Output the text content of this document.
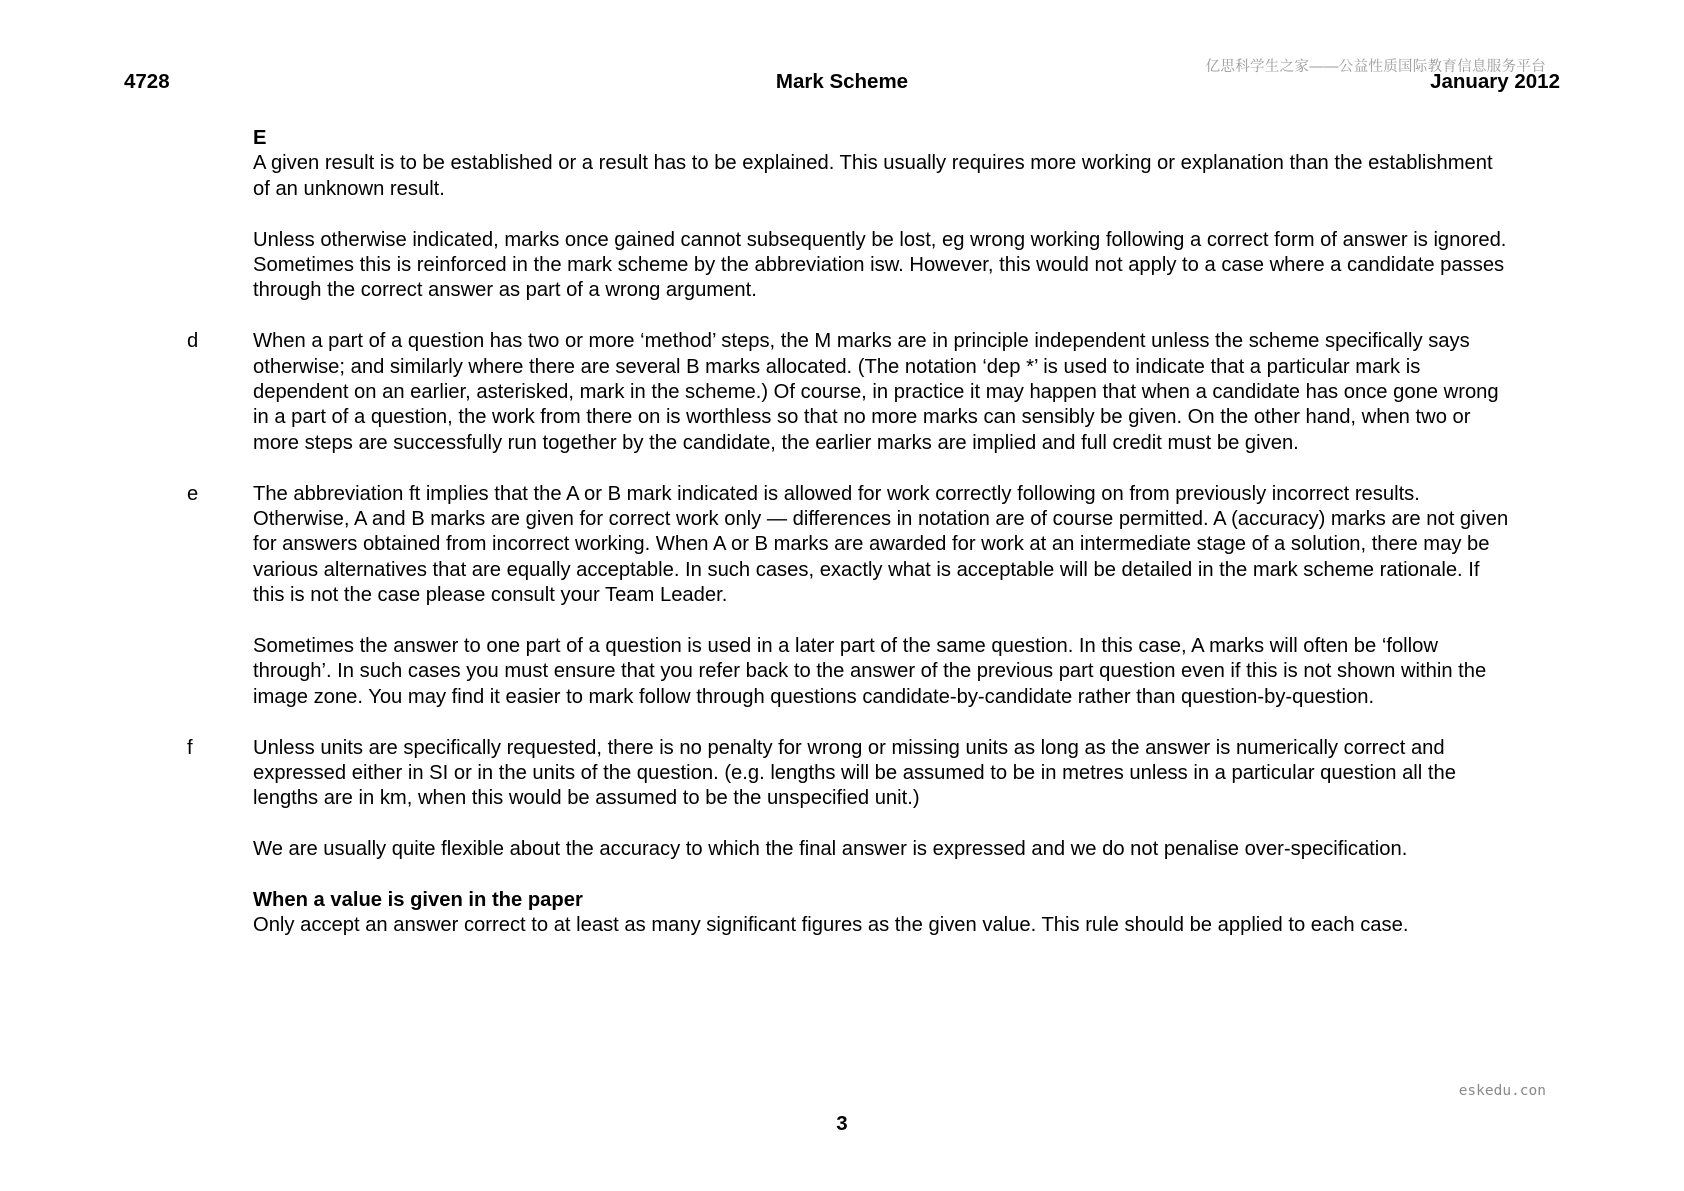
4728	Mark Scheme
亿思科学生之家——公益性质国际教育信息服务平台
January 2012

E

A given result is to be established or a result has to be explained. This usually requires more working or explanation than the establishment of an unknown result.

Unless otherwise indicated, marks once gained cannot subsequently be lost, eg wrong working following a correct form of answer is ignored. Sometimes this is reinforced in the mark scheme by the abbreviation isw. However, this would not apply to a case where a candidate passes through the correct answer as part of a wrong argument.

d	When a part of a question has two or more ‘method’ steps, the M marks are in principle independent unless the scheme specifically says otherwise; and similarly where there are several B marks allocated. (The notation ‘dep *’ is used to indicate that a particular mark is dependent on an earlier, asterisked, mark in the scheme.) Of course, in practice it may happen that when a candidate has once gone wrong in a part of a question, the work from there on is worthless so that no more marks can sensibly be given. On the other hand, when two or more steps are successfully run together by the candidate, the earlier marks are implied and full credit must be given.

e	The abbreviation ft implies that the A or B mark indicated is allowed for work correctly following on from previously incorrect results. Otherwise, A and B marks are given for correct work only — differences in notation are of course permitted. A (accuracy) marks are not given for answers obtained from incorrect working. When A or B marks are awarded for work at an intermediate stage of a solution, there may be various alternatives that are equally acceptable. In such cases, exactly what is acceptable will be detailed in the mark scheme rationale. If this is not the case please consult your Team Leader.

Sometimes the answer to one part of a question is used in a later part of the same question. In this case, A marks will often be ‘follow through’. In such cases you must ensure that you refer back to the answer of the previous part question even if this is not shown within the image zone. You may find it easier to mark follow through questions candidate-by-candidate rather than question-by-question.

f	Unless units are specifically requested, there is no penalty for wrong or missing units as long as the answer is numerically correct and expressed either in SI or in the units of the question. (e.g. lengths will be assumed to be in metres unless in a particular question all the lengths are in km, when this would be assumed to be the unspecified unit.)

We are usually quite flexible about the accuracy to which the final answer is expressed and we do not penalise over-specification.

When a value is given in the paper

Only accept an answer correct to at least as many significant figures as the given value. This rule should be applied to each case.

eskedu.con
3
